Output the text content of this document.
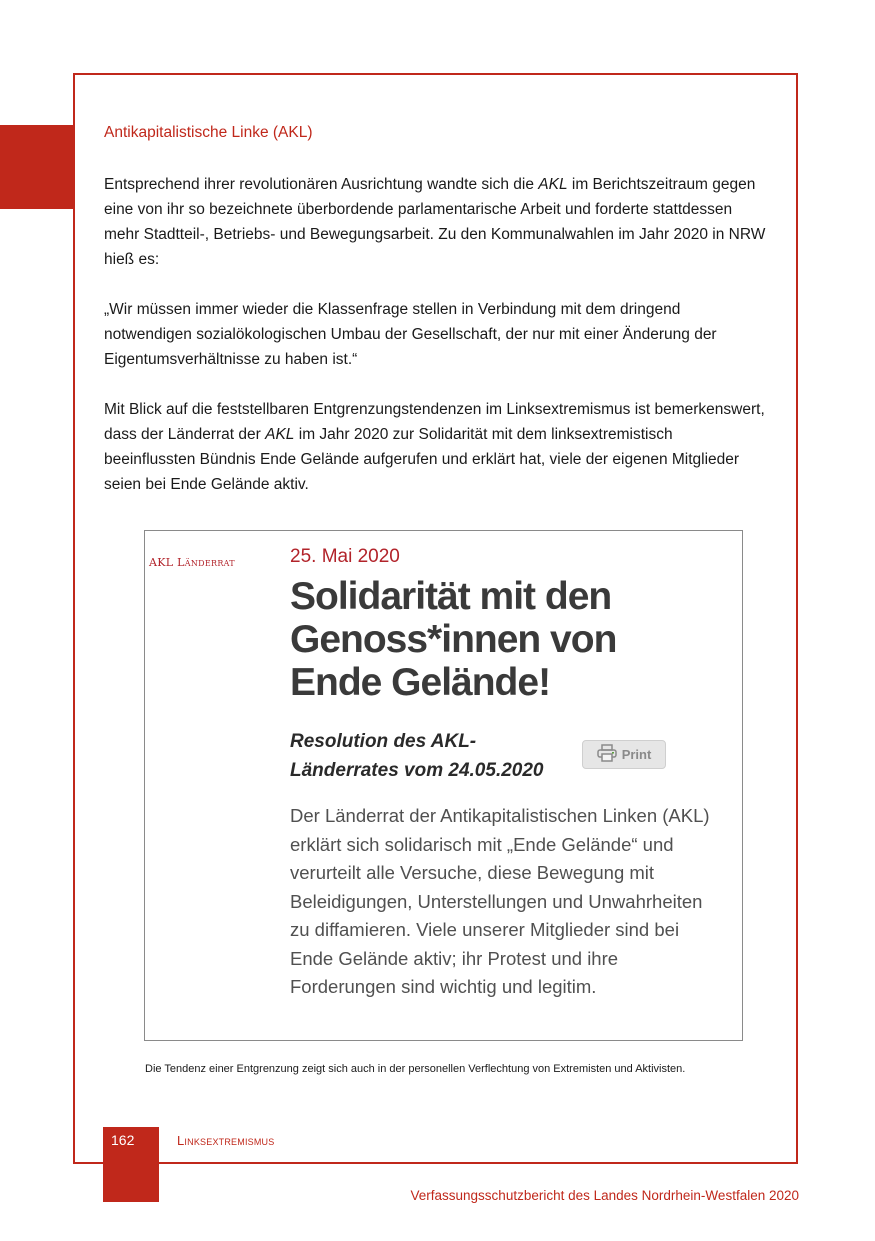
Antikapitalistische Linke (AKL)

Entsprechend ihrer revolutionären Ausrichtung wandte sich die AKL im Berichtszeitraum gegen eine von ihr so bezeichnete überbordende parlamentarische Arbeit und forderte stattdessen mehr Stadtteil-, Betriebs- und Bewegungsarbeit. Zu den Kommunalwahlen im Jahr 2020 in NRW hieß es:

„Wir müssen immer wieder die Klassenfrage stellen in Verbindung mit dem dringend notwendigen sozialökologischen Umbau der Gesellschaft, der nur mit einer Änderung der Eigentumsverhältnisse zu haben ist.“

Mit Blick auf die feststellbaren Entgrenzungstendenzen im Linksextremismus ist bemerkenswert, dass der Länderrat der AKL im Jahr 2020 zur Solidarität mit dem linksextremistisch beeinflussten Bündnis Ende Gelände aufgerufen und erklärt hat, viele der eigenen Mitglieder seien bei Ende Gelände aktiv.

AKL Länderrat	25. Mai 2020
Solidarität mit den Genoss*innen von Ende Gelände!

Resolution des AKL-Länderrates vom 24.05.2020

Print

Der Länderrat der Antikapitalistischen Linken (AKL) erklärt sich solidarisch mit „Ende Gelände“ und verurteilt alle Versuche, diese Bewegung mit Beleidigungen, Unterstellungen und Unwahrheiten zu diffamieren. Viele unserer Mitglieder sind bei Ende Gelände aktiv; ihr Protest und ihre Forderungen sind wichtig und legitim.

Die Tendenz einer Entgrenzung zeigt sich auch in der personellen Verflechtung von Extremisten und Aktivisten.

162	Linksextremismus
Verfassungsschutzbericht des Landes Nordrhein-Westfalen 2020
